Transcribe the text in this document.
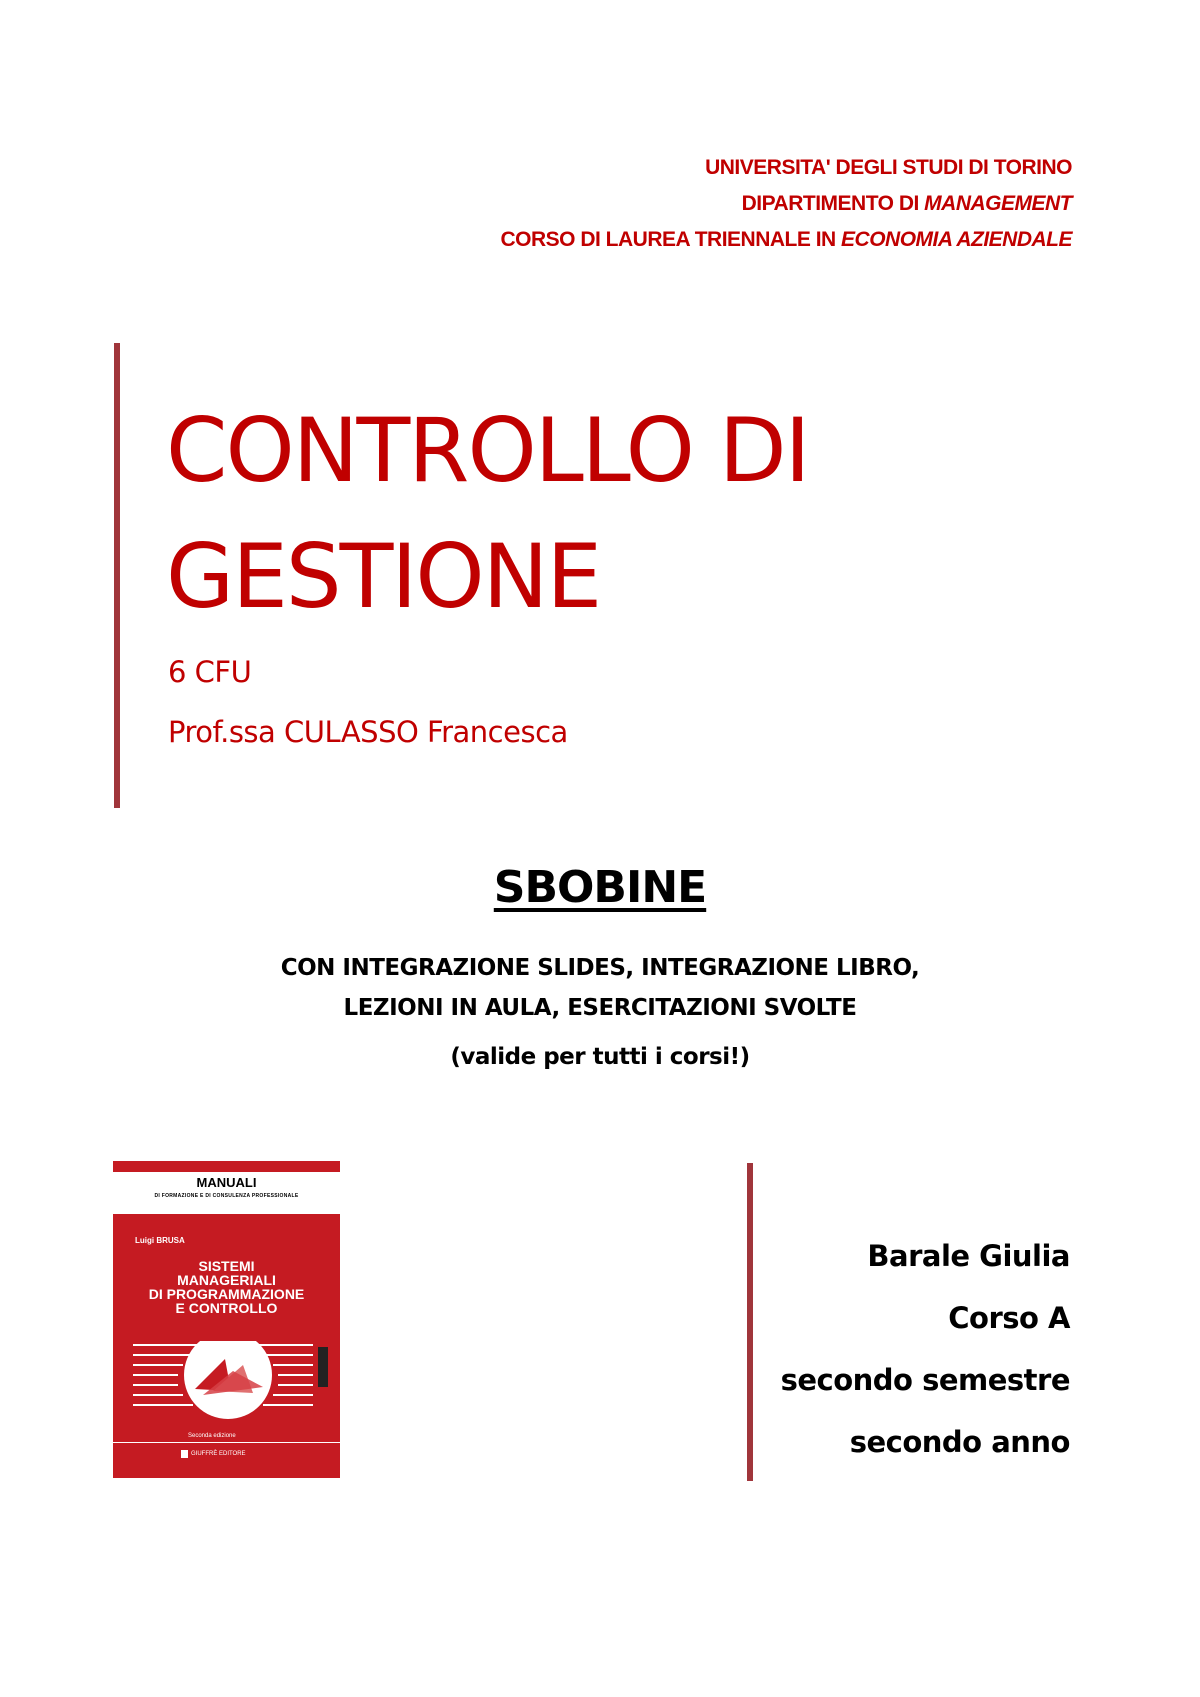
UNIVERSITA' DEGLI STUDI DI TORINO
DIPARTIMENTO DI MANAGEMENT
CORSO DI LAUREA TRIENNALE IN ECONOMIA AZIENDALE
CONTROLLO DI
GESTIONE
6 CFU
Prof.ssa CULASSO Francesca
SBOBINE
CON INTEGRAZIONE SLIDES, INTEGRAZIONE LIBRO,
LEZIONI IN AULA, ESERCITAZIONI SVOLTE
(valide per tutti i corsi!)
MANUALI
DI FORMAZIONE E DI CONSULENZA PROFESSIONALE
Luigi BRUSA
SISTEMI
MANAGERIALI
DI PROGRAMMAZIONE
E CONTROLLO
Seconda edizione
GIUFFRÈ EDITORE
Barale Giulia
Corso A
secondo semestre
secondo anno
